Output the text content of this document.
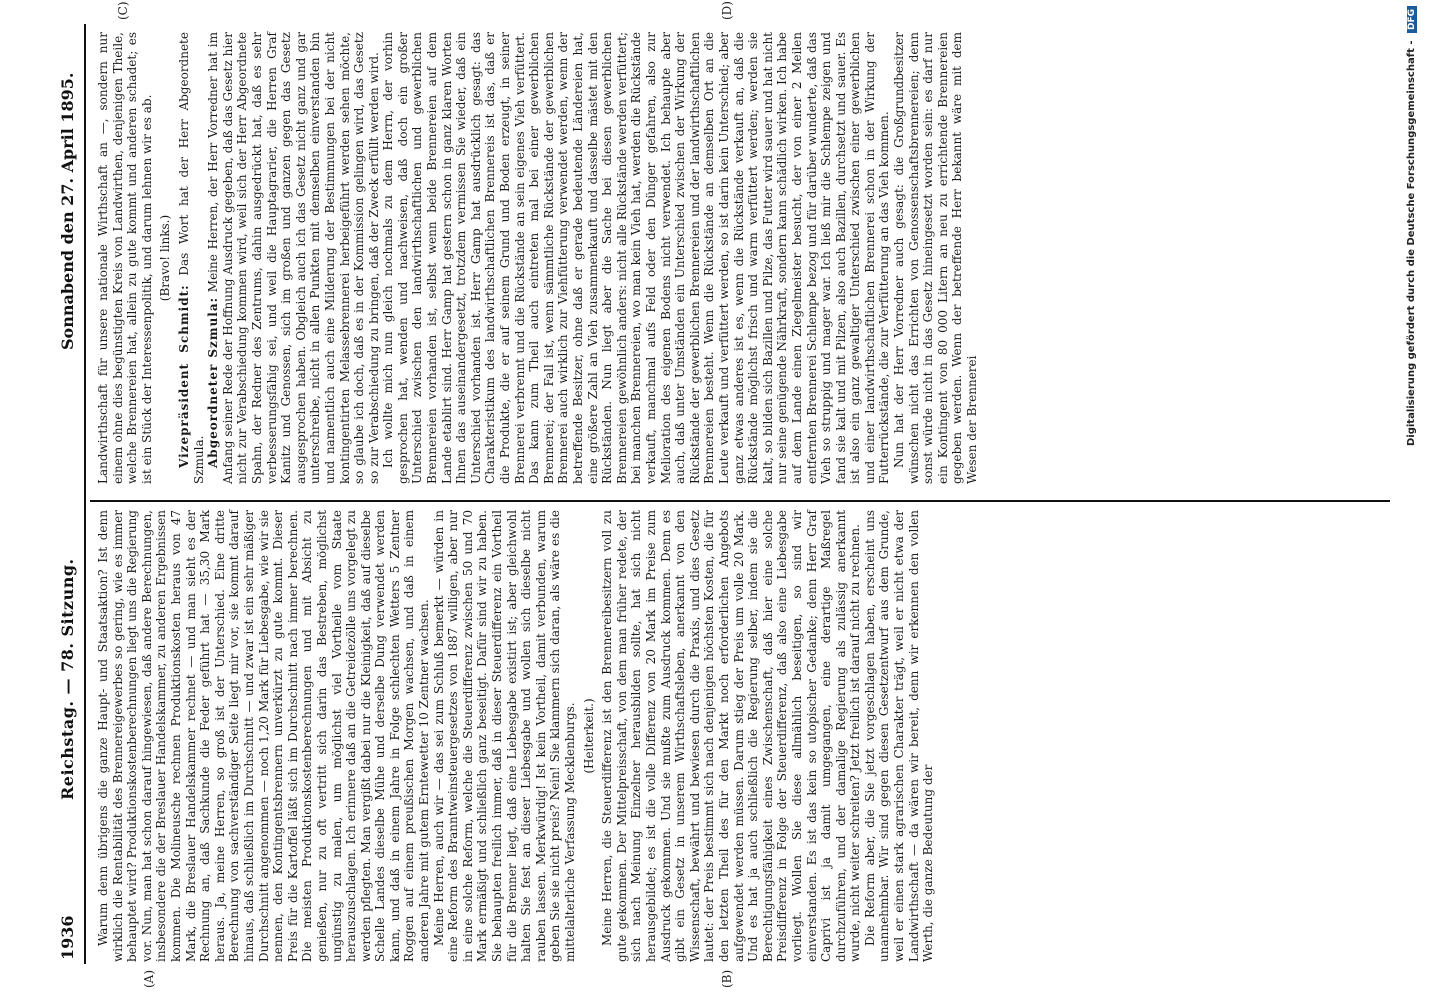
1936
Reichstag. — 78. Sitzung.
Sonnabend den 27. April 1895.
(A)	(B)
(C)	(D)

Warum denn übrigens die ganze Haupt- und Staatsaktion? Ist denn wirklich die Rentabilität des Brennereigewerbes so gering, wie es immer behauptet wird? Produktionskostenberechnungen liegt uns die Regierung vor. Nun, man hat schon darauf hingewiesen, daß andere Berechnungen, insbesondere die der Breslauer Handelskammer, zu anderen Ergebnissen kommen. Die Molineusche rechnen Produktionskosten heraus von 47 Mark, die Breslauer Handelskammer rechnet — und man sieht es der Rechnung an, daß Sachkunde die Feder geführt hat — 35,30 Mark heraus. Ja, meine Herren, so groß ist der Unterschied. Eine dritte Berechnung von sachverständiger Seite liegt mir vor, sie kommt darauf hinaus, daß schließlich im Durchschnitt — und zwar ist ein sehr mäßiger Durchschnitt angenommen — noch 1,20 Mark für Liebesgabe, wie wir sie nennen, den Kontingentsbrennern unverkürzt zu gute kommt. Dieser Preis für die Kartoffel läßt sich im Durchschnitt nach immer berechnen. Die meisten Produktionskostenberechnungen und mit Absicht zu genießen, nur zu oft vertritt sich darin das Bestreben, möglichst ungünstig zu malen, um möglichst viel Vortheile vom Staate herauszuschlagen. Ich erinnere daß an die Getreidezölle uns vorgelegt zu werden pflegten. Man vergißt dabei nur die Kleinigkeit, daß auf dieselbe Schelle Landes dieselbe Mühe und derselbe Dung verwendet werden kann, und daß in einem Jahre in Folge schlechten Wetters 5 Zentner Roggen auf einem preußischen Morgen wachsen, und daß in einem anderen Jahre mit gutem Erntewetter 10 Zentner wachsen. Meine Herren, auch wir — das sei zum Schluß bemerkt — würden in eine Reform des Branntweinsteuergesetzes von 1887 willigen, aber nur in eine solche Reform, welche die Steuerdifferenz zwischen 50 und 70 Mark ermäßigt und schließlich ganz beseitigt. Dafür sind wir zu haben. Sie behaupten freilich immer, daß in dieser Steuerdifferenz ein Vortheil für die Brenner liegt, daß eine Liebesgabe existirt ist; aber gleichwohl halten Sie fest an dieser Liebesgabe und wollen sich dieselbe nicht rauben lassen. Merkwürdig! Ist kein Vortheil, damit verbunden, warum geben Sie sie nicht preis? Nein! Sie klammern sich daran, als wäre es die mittelalterliche Verfassung Mecklenburgs. (Heiterkeit.) Meine Herren, die Steuerdifferenz ist den Brennereibesitzern voll zu gute gekommen. Der Mittelpreisschaft, von dem man früher redete, der sich nach Meinung Einzelner herausbilden sollte, hat sich nicht herausgebildet; es ist die volle Differenz von 20 Mark im Preise zum Ausdruck gekommen. Und sie mußte zum Ausdruck kommen. Denn es gibt ein Gesetz in unserem Wirthschaftsleben, anerkannt von den Wissenschaft, bewährt und bewiesen durch die Praxis, und dies Gesetz lautet: der Preis bestimmt sich nach denjenigen höchsten Kosten, die für den letzten Theil des für den Markt noch erforderlichen Angebots aufgewendet werden müssen. Darum stieg der Preis um volle 20 Mark. Und es hat ja auch schließlich die Regierung selber, indem sie die Berechtigungsfähigkeit eines Zwischenschaft, daß hier eine solche Preisdifferenz in Folge der Steuerdifferenz, daß also eine Liebesgabe vorliegt. Wollen Sie diese allmählich beseitigen, so sind wir einverstanden. Es ist das kein so utopischer Gedanke; denn Herr Graf Caprivi ist ja damit umgegangen, eine derartige Maßregel durchzuführen, und der damalige Regierung als zulässig anerkannt wurde, nicht weiter schreiten? Jetzt freilich ist darauf nicht zu rechnen. Die Reform aber, die Sie jetzt vorgeschlagen haben, erscheint uns unannehmbar. Wir sind gegen diesen Gesetzentwurf aus dem Grunde, weil er einen stark agrarischen Charakter trägt, weil er nicht etwa der Landwirthschaft — da wären wir bereit, denn wir erkennen den vollen Werth, die ganze Bedeutung der

Landwirthschaft für unsere nationale Wirthschaft an —, sondern nur einem ohne dies begünstigten Kreis von Landwirthen, denjenigen Theile, welche Brennereien hat, allein zu gute kommt und anderen schadet; es ist ein Stück der Interessenpolitik, und darum lehnen wir es ab. (Bravo! links.)

Vizepräsident Schmidt: Das Wort hat der Herr Abgeordnete Szmula. Abgeordneter Szmula: Meine Herren, der Herr Vorredner hat im Anfang seiner Rede der Hoffnung Ausdruck gegeben, daß das Gesetz hier nicht zur Verabschiedung kommen wird, weil sich der Herr Abgeordnete Spahn, der Redner des Zentrums, dahin ausgedrückt hat, daß es sehr verbesserungsfähig sei, und weil die Hauptagrarier, die Herren Graf Kanitz und Genossen, sich im großen und ganzen gegen das Gesetz ausgesprochen haben. Obgleich auch ich das Gesetz nicht ganz und gar unterschreibe, nicht in allen Punkten mit demselben einverstanden bin und namentlich auch eine Milderung der Bestimmungen bei der nicht kontingentirten Melassebrennerei herbeigeführt werden sehen möchte, so glaube ich doch, daß es in der Kommission gelingen wird, das Gesetz so zur Verabschiedung zu bringen, daß der Zweck erfüllt werden wird. Ich wollte mich nun gleich nochmals zu dem Herrn, der vorhin gesprochen hat, wenden und nachweisen, daß doch ein großer Unterschied zwischen den landwirthschaftlichen und gewerblichen Brennereien vorhanden ist, selbst wenn beide Brennereien auf dem Lande etablirt sind. Herr Gamp hat gestern schon in ganz klaren Worten Ihnen das auseinandergesetzt, trotzdem vermissen Sie wieder, daß ein Unterschied vorhanden ist. Herr Gamp hat ausdrücklich gesagt: das Charakteristikum des landwirthschaftlichen Brennereis ist das, daß er die Produkte, die er auf seinem Grund und Boden erzeugt, in seiner Brennerei verbrennt und die Rückstände an sein eigenes Vieh verfüttert. Das kann zum Theil auch eintreten mal bei einer gewerblichen Brennerei; der Fall ist, wenn sämmtliche Rückstände der gewerblichen Brennerei auch wirklich zur Viehfütterung verwendet werden, wenn der betreffende Besitzer, ohne daß er gerade bedeutende Ländereien hat, eine größere Zahl an Vieh zusammenkauft und dasselbe mästet mit den Rückständen. Nun liegt aber die Sache bei diesen gewerblichen Brennereien gewöhnlich anders: nicht alle Rückstände werden verfüttert; bei manchen Brennereien, wo man kein Vieh hat, werden die Rückstände verkauft, manchmal aufs Feld oder den Dünger gefahren, also zur Melioration des eigenen Bodens nicht verwendet. Ich behaupte aber auch, daß unter Umständen ein Unterschied zwischen der Wirkung der Rückstände der gewerblichen Brennereien und der landwirthschaftlichen Brennereien besteht. Wenn die Rückstände an demselben Ort an die Leute verkauft und verfüttert werden, so ist darin kein Unterschied; aber ganz etwas anderes ist es, wenn die Rückstände verkauft an, daß die Rückstände möglichst frisch und warm verfüttert werden; werden sie kalt, so bilden sich Bazillen und Pilze, das Futter wird sauer und hat nicht nur seine genügende Nährkraft, sondern kann schädlich wirken. Ich habe auf dem Lande einen Ziegelmeister besucht, der von einer 2 Meilen entfernten Brennerei Schlempe bezog und für darüber wunderte, daß das Vieh so struppig und mager war. Ich ließ mir die Schlempe zeigen und fand sie kalt und mit Pilzen, also auch Bazillen, durchsetzt und sauer. Es ist also ein ganz gewaltiger Unterschied zwischen einer gewerblichen und einer landwirthschaftlichen Brennerei schon in der Wirkung der Futterrückstände, die zur Verfütterung an das Vieh kommen. Nun hat der Herr Vorredner auch gesagt: die Großgrundbesitzer wünschen nicht das Errichten von Genossenschaftsbrennereien; denn sonst würde nicht in das Gesetz hineingesetzt worden sein: es darf nur ein Kontingent von 80 000 Litern an neu zu errichtende Brennereien gegeben werden. Wenn der betreffende Herr bekannt wäre mit dem Wesen der Brennerei	Digitalisierung gefördert durch die Deutsche Forschungsgemeinschaft - DFG
